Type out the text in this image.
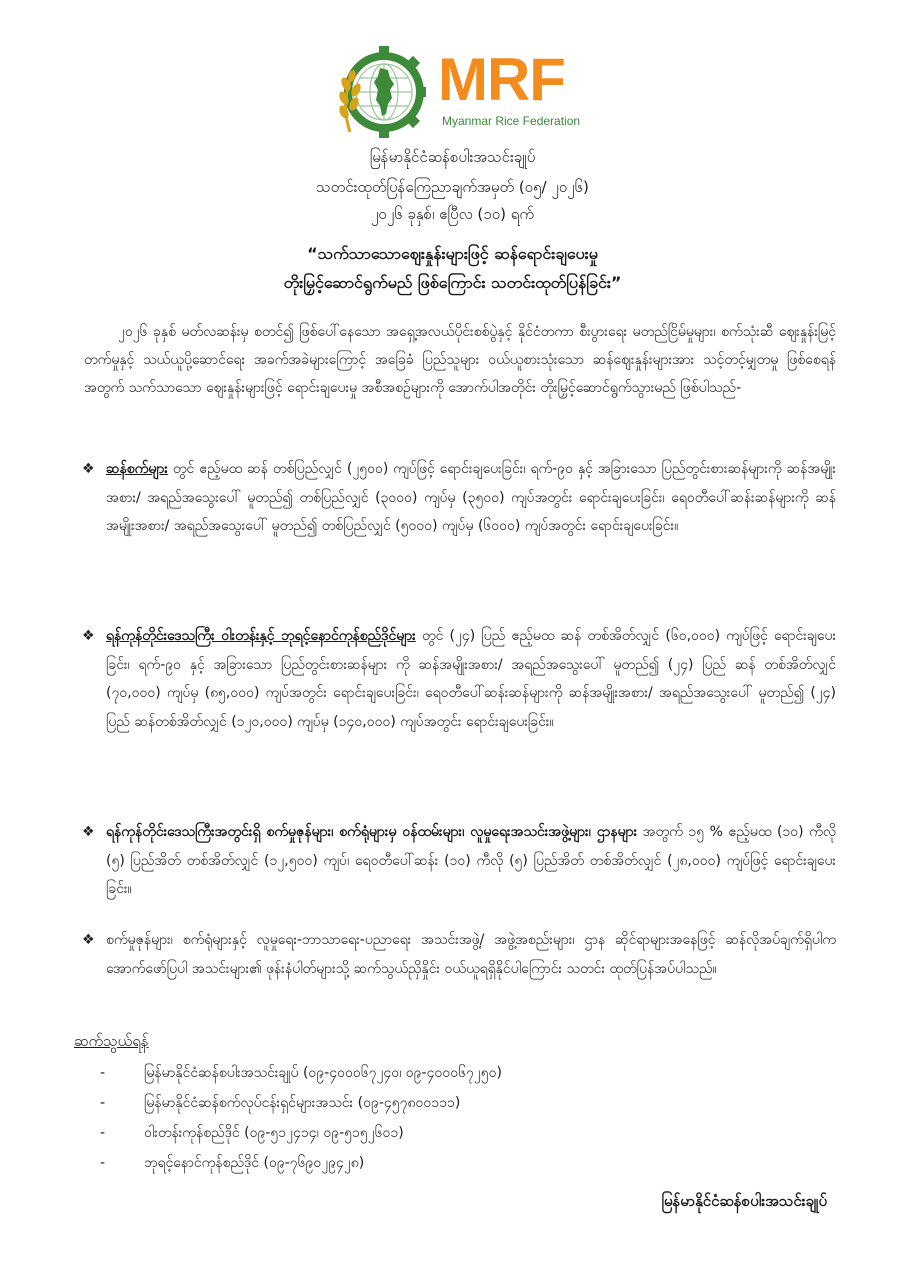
MRF
Myanmar Rice Federation
မြန်မာနိုင်ငံဆန်စပါးအသင်းချုပ်
သတင်းထုတ်ပြန်ကြေညာချက်အမှတ် (၀၅/ ၂၀၂၆)
၂၀၂၆ ခုနှစ်၊ ဧပြီလ (၁၀) ရက်
“သက်သာသောဈေးနှုန်းများဖြင့် ဆန်ရောင်းချပေးမှု
တိုးမြှင့်ဆောင်ရွက်မည် ဖြစ်ကြောင်း သတင်းထုတ်ပြန်ခြင်း”
၂၀၂၆ ခုနှစ် မတ်လဆန်းမှ စတင်၍ ဖြစ်ပေါ်နေသော အရှေ့အလယ်ပိုင်းစစ်ပွဲနှင့် နိုင်ငံတကာ စီးပွားရေး မတည်ငြိမ်မှုများ၊ စက်သုံးဆီ ဈေးနှုန်းမြင့်တက်မှုနှင့် သယ်ယူပို့ဆောင်ရေး အခက်အခဲများကြောင့် အခြေခံ ပြည်သူများ ဝယ်ယူစားသုံးသော ဆန်ဈေးနှုန်းများအား သင့်တင့်မျှတမှု ဖြစ်စေရန်အတွက် သက်သာသော ဈေးနှုန်းများဖြင့် ရောင်းချပေးမှု အစီအစဉ်များကို အောက်ပါအတိုင်း တိုးမြှင့်ဆောင်ရွက်သွားမည် ဖြစ်ပါသည်-
❖ ဆန်စက်များ တွင် ဧည့်မထ ဆန် တစ်ပြည်လျှင် (၂၅၀၀) ကျပ်ဖြင့် ရောင်းချပေးခြင်း၊ ရက်-၉၀ နှင့် အခြားသော ပြည်တွင်းစားဆန်များကို ဆန်အမျိုးအစား/ အရည်အသွေးပေါ် မူတည်၍ တစ်ပြည်လျှင် (၃၀၀၀) ကျပ်မှ (၃၅၀၀) ကျပ်အတွင်း ရောင်းချပေးခြင်း၊ ရေဝတီပေါ်ဆန်းဆန်များကို ဆန် အမျိုးအစား/ အရည်အသွေးပေါ် မူတည်၍ တစ်ပြည်လျှင် (၅၀၀၀) ကျပ်မှ (၆၀၀၀) ကျပ်အတွင်း ရောင်းချပေးခြင်း။
❖ ရန်ကုန်တိုင်းဒေသကြီး ဝါးတန်းနှင့် ဘုရင့်နောင်ကုန်စည်ဒိုင်များ တွင် (၂၄) ပြည် ဧည့်မထ ဆန် တစ်အိတ်လျှင် (၆၀,၀၀၀) ကျပ်ဖြင့် ရောင်းချပေးခြင်း၊ ရက်-၉၀ နှင့် အခြားသော ပြည်တွင်းစားဆန်များ ကို ဆန်အမျိုးအစား/ အရည်အသွေးပေါ် မူတည်၍ (၂၄) ပြည် ဆန် တစ်အိတ်လျှင် (၇၀,၀၀၀) ကျပ်မှ (၈၅,၀၀၀) ကျပ်အတွင်း ရောင်းချပေးခြင်း၊ ရေဝတီပေါ်ဆန်းဆန်များကို ဆန်အမျိုးအစား/ အရည်အသွေးပေါ် မူတည်၍ (၂၄) ပြည် ဆန်တစ်အိတ်လျှင် (၁၂၀,၀၀၀) ကျပ်မှ (၁၄၀,၀၀၀) ကျပ်အတွင်း ရောင်းချပေးခြင်း။
❖ ရန်ကုန်တိုင်းဒေသကြီးအတွင်းရှိ စက်မှုဇုန်များ၊ စက်ရုံများမှ ဝန်ထမ်းများ၊ လူမှုရေးအသင်းအဖွဲ့များ၊ ဌာနများ အတွက် ၁၅ % ဧည့်မထ (၁၀) ကီလို (၅) ပြည်အိတ် တစ်အိတ်လျှင် (၁၂,၅၀၀) ကျပ်၊ ရေဝတီပေါ်ဆန်း (၁၀) ကီလို (၅) ပြည်အိတ် တစ်အိတ်လျှင် (၂၈,၀၀၀) ကျပ်ဖြင့် ရောင်းချပေးခြင်း။
❖ စက်မှုဇုန်များ၊ စက်ရုံများနှင့် လူမှုရေး-ဘာသာရေး-ပညာရေး အသင်းအဖွဲ့/ အဖွဲ့အစည်းများ၊ ဌာန ဆိုင်ရာများအနေဖြင့် ဆန်လိုအပ်ချက်ရှိပါက အောက်ဖော်ပြပါ အသင်းများ၏ ဖုန်းနံပါတ်များသို့ ဆက်သွယ်ညှိနှိုင်း ဝယ်ယူရရှိနိုင်ပါကြောင်း သတင်း ထုတ်ပြန်အပ်ပါသည်။
ဆက်သွယ်ရန်
-	မြန်မာနိုင်ငံဆန်စပါးအသင်းချုပ် (၀၉-၄၀၀၀၆၇၂၄၀၊ ၀၉-၄၀၀၀၆၇၂၅၀)
-	မြန်မာနိုင်ငံဆန်စက်လုပ်ငန်းရှင်များအသင်း (၀၉-၄၅၇၈၀၀၁၁၁)
-	ဝါးတန်းကုန်စည်ဒိုင် (၀၉-၅၁၂၄၁၄၊ ၀၉-၅၁၅၂၆၀၁)
-	ဘုရင့်နောင်ကုန်စည်ဒိုင် (၀၉-၇၆၉၀၂၉၄၂၈)
မြန်မာနိုင်ငံဆန်စပါးအသင်းချုပ်
